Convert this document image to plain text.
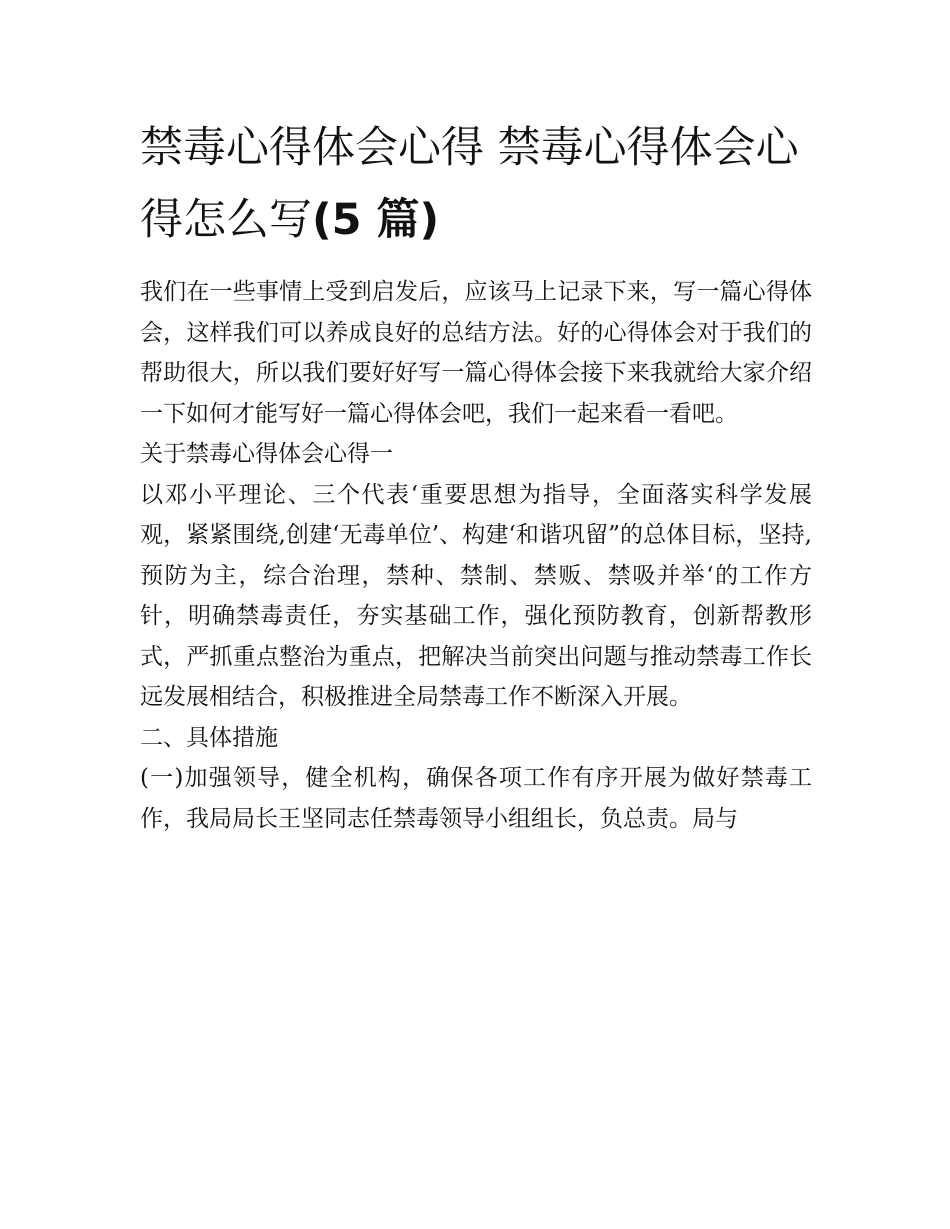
禁毒心得体会心得 禁毒心得体会心得怎么写(5 篇)

我们在一些事情上受到启发后，应该马上记录下来，写一篇心得体会，这样我们可以养成良好的总结方法。好的心得体会对于我们的帮助很大，所以我们要好好写一篇心得体会接下来我就给大家介绍一下如何才能写好一篇心得体会吧，我们一起来看一看吧。

关于禁毒心得体会心得一

以邓小平理论、三个代表‘重要思想为指导，全面落实科学发展观，紧紧围绕,创建‘无毒单位’、构建‘和谐巩留”的总体目标，坚持,预防为主，综合治理，禁种、禁制、禁贩、禁吸并举‘的工作方针，明确禁毒责任，夯实基础工作，强化预防教育，创新帮教形式，严抓重点整治为重点，把解决当前突出问题与推动禁毒工作长远发展相结合，积极推进全局禁毒工作不断深入开展。

二、具体措施

(一)加强领导，健全机构，确保各项工作有序开展为做好禁毒工作，我局局长王坚同志任禁毒领导小组组长，负总责。局与
